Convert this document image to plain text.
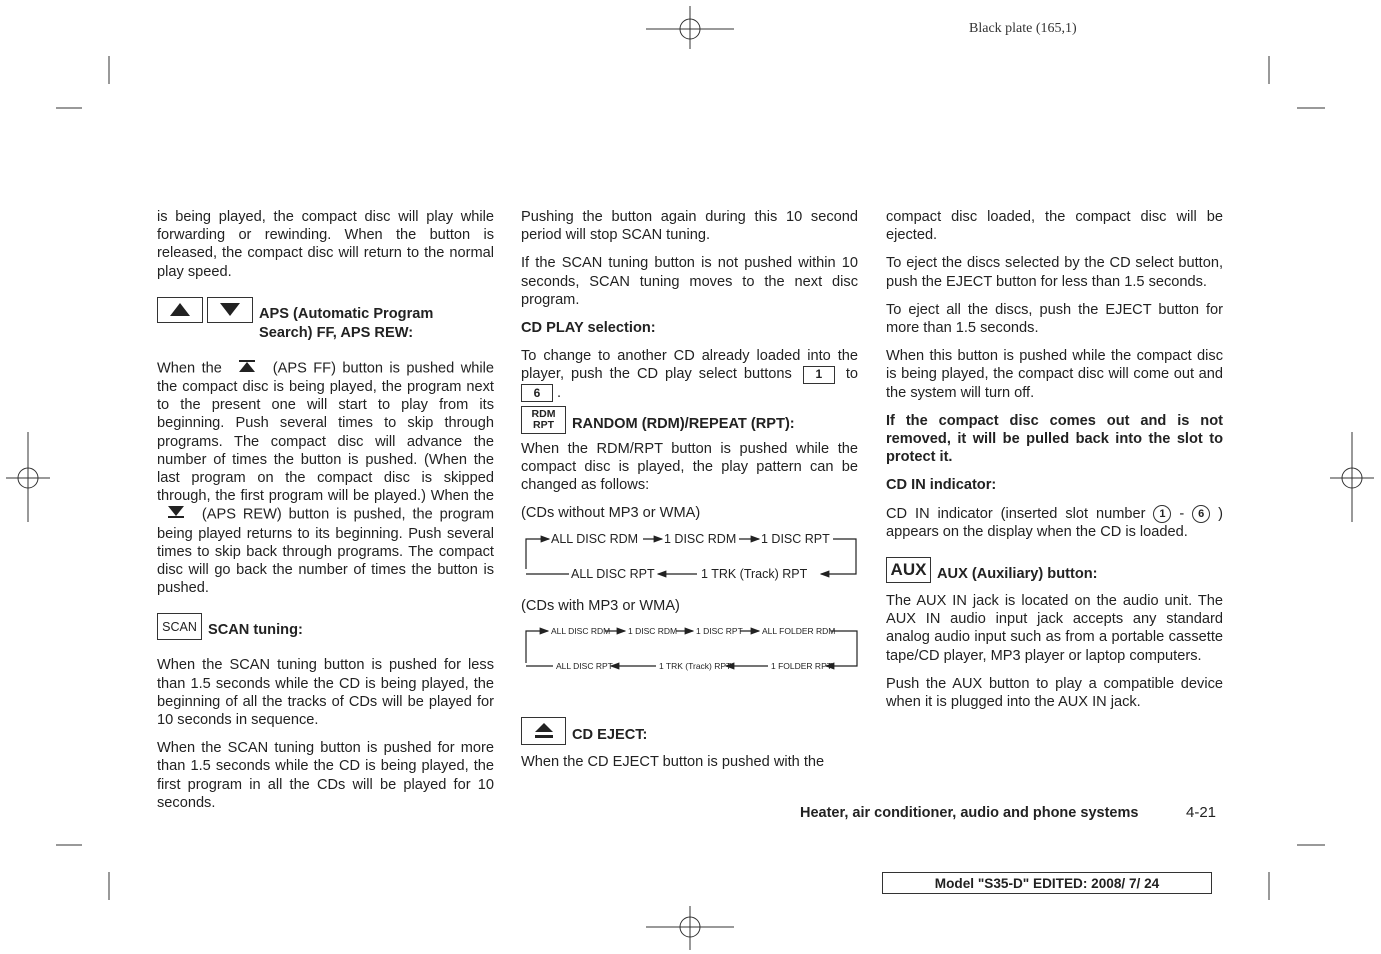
Black plate (165,1)

is being played, the compact disc will play while forwarding or rewinding. When the button is released, the compact disc will return to the normal play speed.

APS (Automatic Program Search) FF, APS REW:

When the	(APS FF) button is pushed while the compact disc is being played, the program next to the present one will start to play from its beginning. Push several times to skip through programs. The compact disc will advance the number of times the button is pushed. (When the last program on the compact disc is skipped through, the first program will be played.) When the  (APS REW) button is pushed, the program being played returns to its beginning. Push several times to skip back through programs. The compact disc will go back the number of times the button is pushed.

SCAN SCAN tuning:

When the SCAN tuning button is pushed for less than 1.5 seconds while the CD is being played, the beginning of all the tracks of CDs will be played for 10 seconds in sequence.

When the SCAN tuning button is pushed for more than 1.5 seconds while the CD is being played, the first program in all the CDs will be played for 10 seconds.

Pushing the button again during this 10 second period will stop SCAN tuning.

If the SCAN tuning button is not pushed within 10 seconds, SCAN tuning moves to the next disc program.

CD PLAY selection:

To change to another CD already loaded into the player, push the CD play select buttons 1 to 6 .

RDM
RPT RANDOM (RDM)/REPEAT (RPT):

When the RDM/RPT button is pushed while the compact disc is played, the play pattern can be changed as follows:

(CDs without MP3 or WMA)

ALL DISC RDM 1 DISC RDM 1 DISC RPT
ALL DISC RPT	1 TRK (Track) RPT

(CDs with MP3 or WMA)

ALL DISC RDM 1 DISC RDM 1 DISC RPT ALL FOLDER RDM
ALL DISC RPT	1 TRK (Track) RPT	1 FOLDER RPT
CD EJECT:

When the CD EJECT button is pushed with the

compact disc loaded, the compact disc will be ejected.

To eject the discs selected by the CD select button, push the EJECT button for less than 1.5 seconds.

To eject all the discs, push the EJECT button for more than 1.5 seconds.

When this button is pushed while the compact disc is being played, the compact disc will come out and the system will turn off.

If the compact disc comes out and is not removed, it will be pulled back into the slot to protect it.

CD IN indicator:

CD IN indicator (inserted slot number 1 - 6 ) appears on the display when the CD is loaded.

AUX AUX (Auxiliary) button:

The AUX IN jack is located on the audio unit. The AUX IN audio input jack accepts any standard analog audio input such as from a portable cassette tape/CD player, MP3 player or laptop computers.

Push the AUX button to play a compatible device when it is plugged into the AUX IN jack.

Heater, air conditioner, audio and phone systems	4-21
Model "S35-D" EDITED: 2008/ 7/ 24
